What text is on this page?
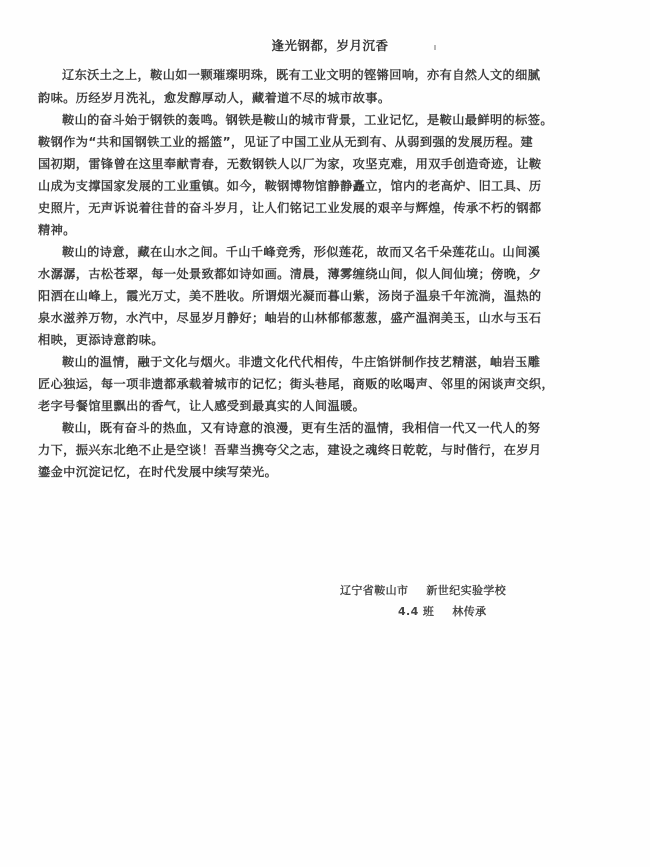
逢光钢都，岁月沉香
辽东沃土之上，鞍山如一颗璀璨明珠，既有工业文明的铿锵回响，亦有自然人文的细腻
韵味。历经岁月洗礼，愈发醇厚动人，藏着道不尽的城市故事。
鞍山的奋斗始于钢铁的轰鸣。钢铁是鞍山的城市背景，工业记忆，是鞍山最鲜明的标签。
鞍钢作为“共和国钢铁工业的摇篮”，见证了中国工业从无到有、从弱到强的发展历程。建
国初期，雷锋曾在这里奉献青春，无数钢铁人以厂为家，攻坚克难，用双手创造奇迹，让鞍
山成为支撑国家发展的工业重镇。如今，鞍钢博物馆静静矗立，馆内的老高炉、旧工具、历
史照片，无声诉说着往昔的奋斗岁月，让人们铭记工业发展的艰辛与辉煌，传承不朽的钢都
精神。
鞍山的诗意，藏在山水之间。千山千峰竞秀，形似莲花，故而又名千朵莲花山。山间溪
水潺潺，古松苍翠，每一处景致都如诗如画。清晨，薄雾缠绕山间，似人间仙境；傍晚，夕
阳洒在山峰上，霞光万丈，美不胜收。所谓烟光凝而暮山紫，汤岗子温泉千年流淌，温热的
泉水滋养万物，水汽中，尽显岁月静好；岫岩的山林郁郁葱葱，盛产温润美玉，山水与玉石
相映，更添诗意韵味。
鞍山的温情，融于文化与烟火。非遗文化代代相传，牛庄馅饼制作技艺精湛，岫岩玉雕
匠心独运，每一项非遗都承载着城市的记忆；街头巷尾，商贩的吆喝声、邻里的闲谈声交织，
老字号餐馆里飘出的香气，让人感受到最真实的人间温暖。
鞍山，既有奋斗的热血，又有诗意的浪漫，更有生活的温情，我相信一代又一代人的努
力下，振兴东北绝不止是空谈！吾辈当携夸父之志，建设之魂终日乾乾，与时偕行，在岁月
鎏金中沉淀记忆，在时代发展中续写荣光。
辽宁省鞍山市 新世纪实验学校
4.4 班 林传承
